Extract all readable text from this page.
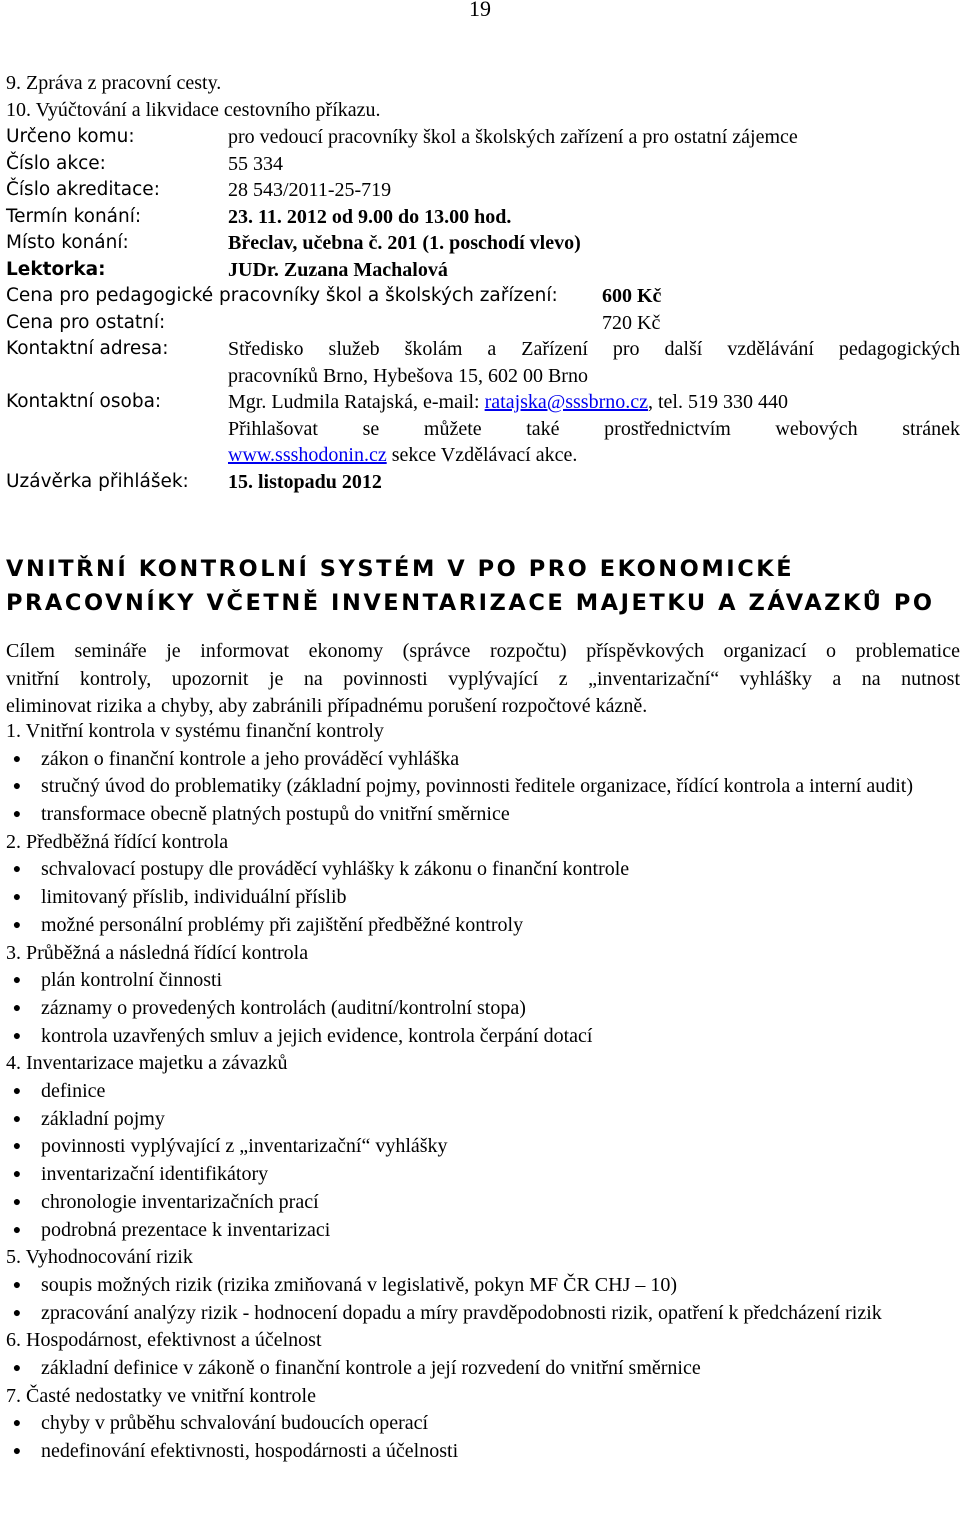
19
9. Zpráva z pracovní cesty.
10. Vyúčtování a likvidace cestovního příkazu.
Určeno komu:	pro vedoucí pracovníky škol a školských zařízení a pro ostatní zájemce
Číslo akce:	55 334
Číslo akreditace:	28 543/2011-25-719
Termín konání:	23. 11. 2012 od 9.00 do 13.00 hod.
Místo konání:	Břeclav, učebna č. 201 (1. poschodí vlevo)
Lektorka:	JUDr. Zuzana Machalová
Cena pro pedagogické pracovníky škol a školských zařízení: 600 Kč
Cena pro ostatní:	720 Kč
Kontaktní adresa:	Středisko služeb školám a Zařízení pro další vzdělávání pedagogických
pracovníků Brno, Hybešova 15, 602 00 Brno
Kontaktní osoba:	Mgr. Ludmila Ratajská, e-mail: ratajska@sssbrno.cz, tel. 519 330 440
Přihlašovat se můžete také prostřednictvím webových stránek
www.ssshodonin.cz sekce Vzdělávací akce.
Uzávěrka přihlášek: 15. listopadu 2012
VNITŘNÍ KONTROLNÍ SYSTÉM V PO PRO EKONOMICKÉ
PRACOVNÍKY VČETNĚ INVENTARIZACE MAJETKU A ZÁVAZKŮ PO
Cílem semináře je informovat ekonomy (správce rozpočtu) příspěvkových organizací o problematice
vnitřní kontroly, upozornit je na povinnosti vyplývající z „inventarizační“ vyhlášky a na nutnost
eliminovat rizika a chyby, aby zabránili případnému porušení rozpočtové kázně.
1. Vnitřní kontrola v systému finanční kontroly
● zákon o finanční kontrole a jeho prováděcí vyhláška
● stručný úvod do problematiky (základní pojmy, povinnosti ředitele organizace, řídící kontrola a interní audit)
● transformace obecně platných postupů do vnitřní směrnice
2. Předběžná řídící kontrola
● schvalovací postupy dle prováděcí vyhlášky k zákonu o finanční kontrole
● limitovaný příslib, individuální příslib
● možné personální problémy při zajištění předběžné kontroly
3. Průběžná a následná řídící kontrola
● plán kontrolní činnosti
● záznamy o provedených kontrolách (auditní/kontrolní stopa)
● kontrola uzavřených smluv a jejich evidence, kontrola čerpání dotací
4. Inventarizace majetku a závazků
● definice
● základní pojmy
● povinnosti vyplývající z „inventarizační“ vyhlášky
● inventarizační identifikátory
● chronologie inventarizačních prací
● podrobná prezentace k inventarizaci
5. Vyhodnocování rizik
● soupis možných rizik (rizika zmiňovaná v legislativě, pokyn MF ČR CHJ – 10)
● zpracování analýzy rizik - hodnocení dopadu a míry pravděpodobnosti rizik, opatření k předcházení rizik
6. Hospodárnost, efektivnost a účelnost
● základní definice v zákoně o finanční kontrole a její rozvedení do vnitřní směrnice
7. Časté nedostatky ve vnitřní kontrole
● chyby v průběhu schvalování budoucích operací
● nedefinování efektivnosti, hospodárnosti a účelnosti
